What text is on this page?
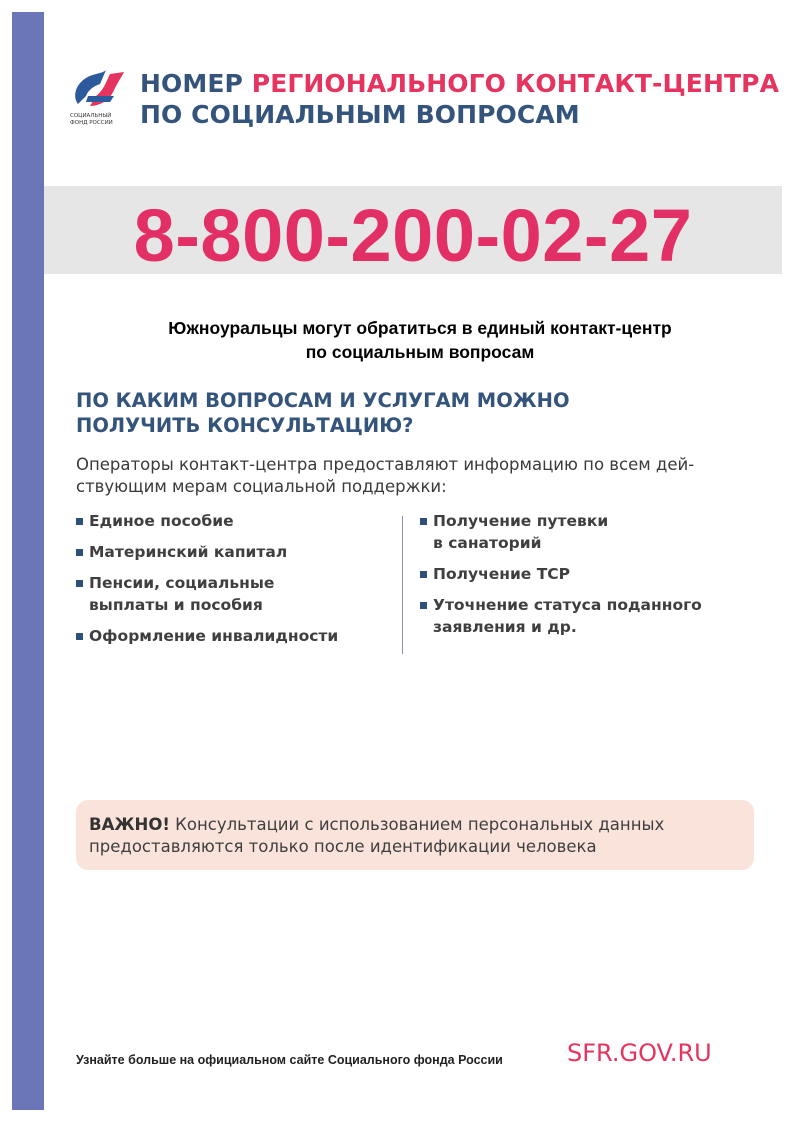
СОЦИАЛЬНЫЙ
ФОНД РОССИИ
НОМЕР РЕГИОНАЛЬНОГО КОНТАКТ-ЦЕНТРА
ПО СОЦИАЛЬНЫМ ВОПРОСАМ
8-800-200-02-27
Южноуральцы могут обратиться в единый контакт-центр
по социальным вопросам
ПО КАКИМ ВОПРОСАМ И УСЛУГАМ МОЖНО
ПОЛУЧИТЬ КОНСУЛЬТАЦИЮ?
Операторы контакт-центра предоставляют информацию по всем дей-
ствующим мерам социальной поддержки:
Единое пособие
Материнский капитал
Пенсии, социальные
выплаты и пособия
Оформление инвалидности
Получение путевки
в санаторий
Получение ТСР
Уточнение статуса поданного
заявления и др.
ВАЖНО! Консультации с использованием персональных данных
предоставляются только после идентификации человека
Узнайте больше на официальном сайте Социального фонда России	SFR.GOV.RU
